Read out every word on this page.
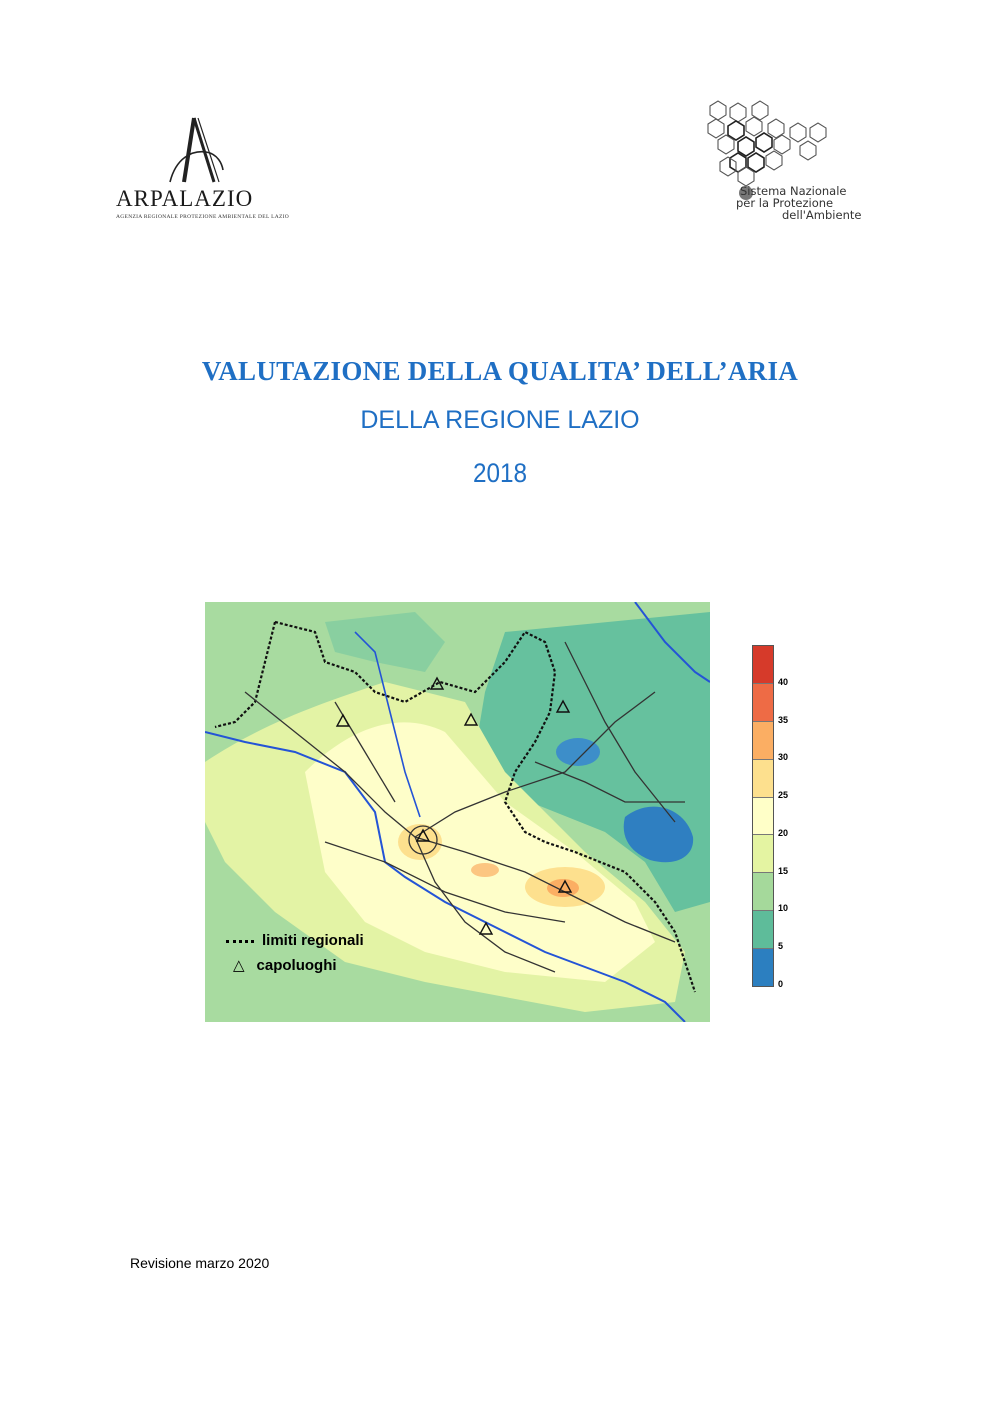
ARPALAZIO
AGENZIA REGIONALE PROTEZIONE AMBIENTALE DEL LAZIO
Sistema Nazionale
per la Protezione
dell'Ambiente
VALUTAZIONE DELLA QUALITA’ DELL’ARIA
DELLA REGIONE LAZIO
2018
limiti regionali
△ capoluoghi
40
35
30
25
20
15
10
5
0
Revisione marzo 2020
